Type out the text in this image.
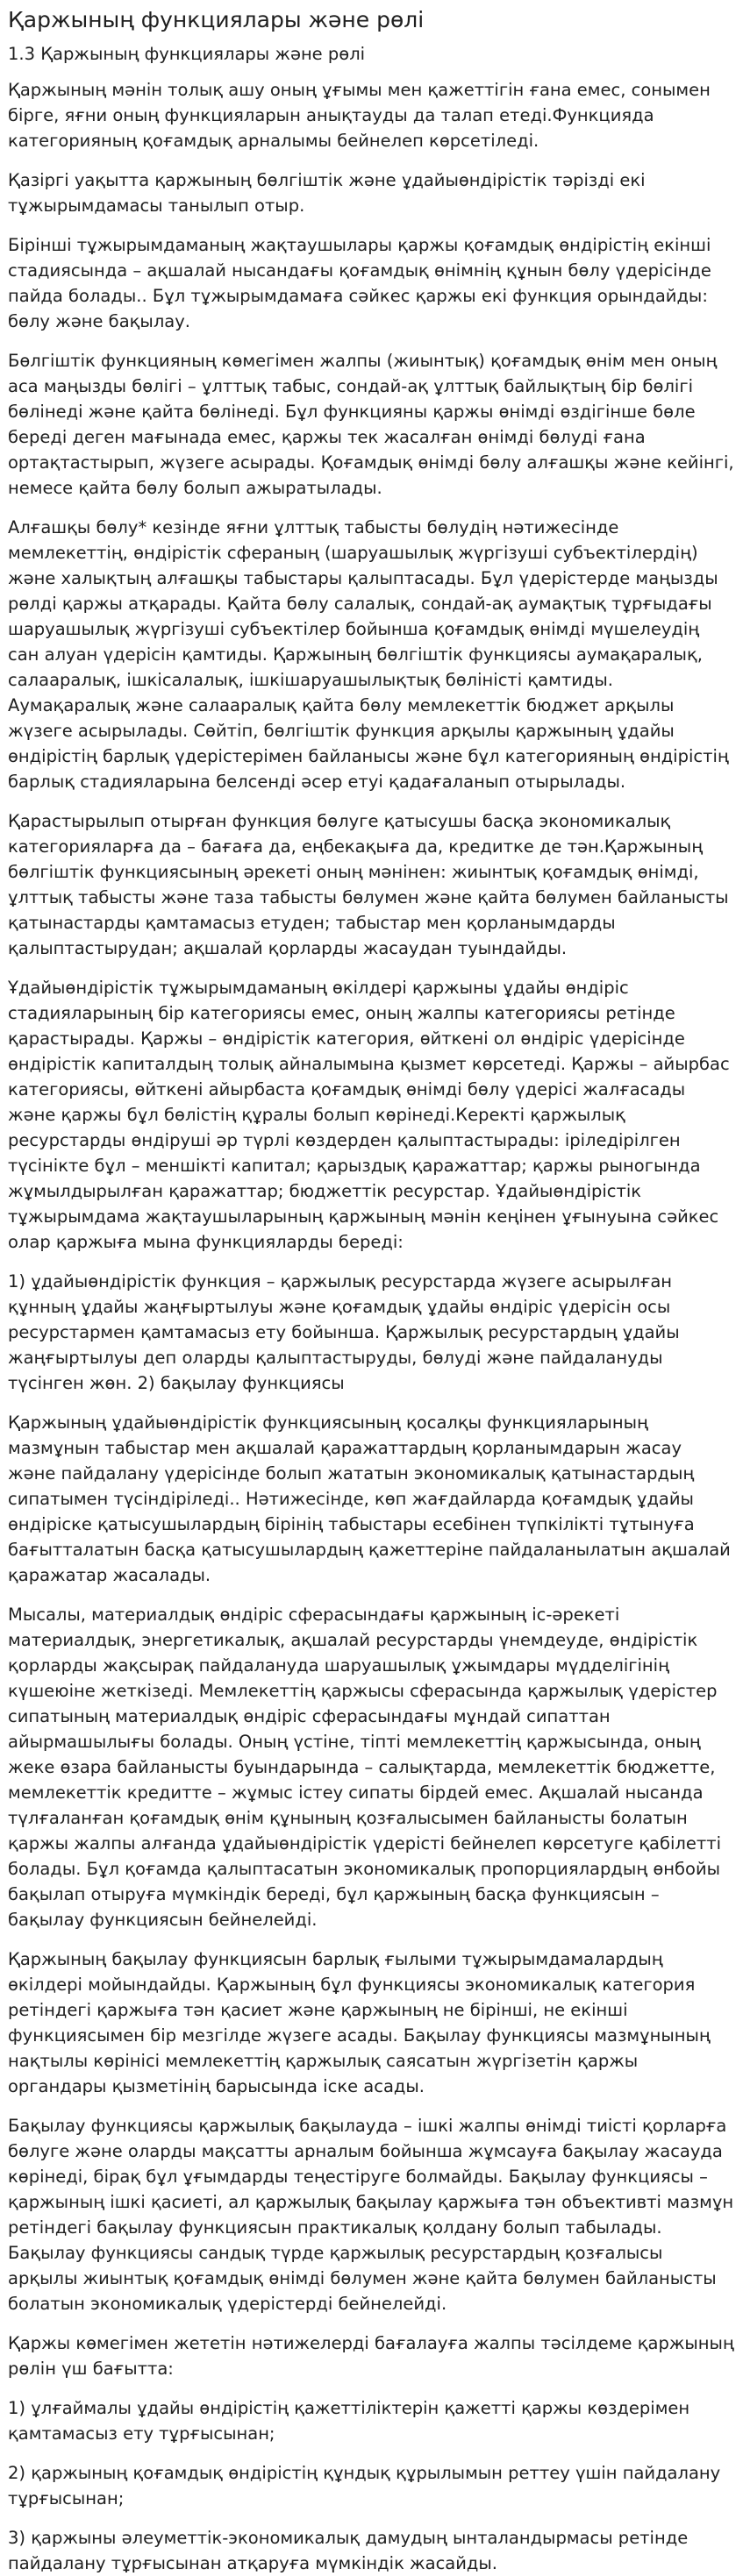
Қаржының функциялары және рөлі
1.3 Қаржының функциялары және рөлі

Қаржының мәнін толық ашу оның ұғымы мен қажеттігін ғана емес, сонымен бірге, яғни оның функцияларын анықтауды да талап етеді.Функцияда категорияның қоғамдық арналымы бейнелеп көрсетіледі.

Қазіргі уақытта қаржының бөлгіштік және ұдайыөндірістік тәрізді екі тұжырымдамасы танылып отыр.

Бірінші тұжырымдаманың жақтаушылары қаржы қоғамдық өндірістің екінші стадиясында – ақшалай нысандағы қоғамдық өнімнің құнын бөлу үдерісінде пайда болады.. Бұл тұжырымдамаға сәйкес қаржы екі функция орындайды: бөлу және бақылау.

Бөлгіштік функцияның көмегімен жалпы (жиынтық) қоғамдық өнім мен оның аса маңызды бөлігі – ұлттық табыс, сондай-ақ ұлттық байлықтың бір бөлігі бөлінеді және қайта бөлінеді. Бұл функцияны қаржы өнімді өздігінше бөле береді деген мағынада емес, қаржы тек жасалған өнімді бөлуді ғана ортақтастырып, жүзеге асырады. Қоғамдық өнімді бөлу алғашқы және кейінгі, немесе қайта бөлу болып ажыратылады.

Алғашқы бөлу* кезінде яғни ұлттық табысты бөлудің нәтижесінде мемлекеттің, өндірістік сфераның (шаруашылық жүргізуші субъектілердің) және халықтың алғашқы табыстары қалыптасады. Бұл үдерістерде маңызды рөлді қаржы атқарады. Қайта бөлу салалық, сондай-ақ аумақтық тұрғыдағы шаруашылық жүргізуші субъектілер бойынша қоғамдық өнімді мүшелеудің сан алуан үдерісін қамтиды. Қаржының бөлгіштік функциясы аумақаралық, салааралық, ішкісалалық, ішкішаруашылықтық бөліністі қамтиды. Аумақаралық және салааралық қайта бөлу мемлекеттік бюджет арқылы жүзеге асырылады. Сөйтіп, бөлгіштік функция арқылы қаржының ұдайы өндірістің барлық үдерістерімен байланысы және бұл категорияның өндірістің барлық стадияларына белсенді әсер етуі қадағаланып отырылады.

Қарастырылып отырған функция бөлуге қатысушы басқа экономикалық категорияларға да – бағаға да, еңбекақыға да, кредитке де тән.Қаржының бөлгіштік функциясының әрекеті оның мәнінен: жиынтық қоғамдық өнімді, ұлттық табысты және таза табысты бөлумен және қайта бөлумен байланысты қатынастарды қамтамасыз етуден; табыстар мен қорланымдарды қалыптастырудан; ақшалай қорларды жасаудан туындайды.

Ұдайыөндірістік тұжырымдаманың өкілдері қаржыны ұдайы өндіріс стадияларының бір категориясы емес, оның жалпы категориясы ретінде қарастырады. Қаржы – өндірістік категория, өйткені ол өндіріс үдерісінде өндірістік капиталдың толық айналымына қызмет көрсетеді. Қаржы – айырбас категориясы, өйткені айырбаста қоғамдық өнімді бөлу үдерісі жалғасады және қаржы бұл бөліcтің құралы болып көрінеді.Керекті қаржылық ресурстарды өндіруші әр түрлі көздерден қалыптастырады: іріледірілген түсінікте бұл – меншікті капитал; қарыздық қаражаттар; қаржы рыногында жұмылдырылған қаражаттар; бюджеттік ресурстар. Ұдайыөндірістік тұжырымдама жақтаушыларының қаржының мәнін кеңінен ұғынуына сәйкес олар қаржыға мына функцияларды береді:

1) ұдайыөндірістік функция – қаржылық ресурстарда жүзеге асырылған құнның ұдайы жаңғыртылуы және қоғамдық ұдайы өндіріс үдерісін осы ресурстармен қамтамасыз ету бойынша. Қаржылық ресурстардың ұдайы жаңғыртылуы деп оларды қалыптастыруды, бөлуді және пайдалануды түсінген жөн. 2) бақылау функциясы

Қаржының ұдайыөндірістік функциясының қосалқы функцияларының мазмұнын табыстар мен ақшалай қаражаттардың қорланымдарын жасау және пайдалану үдерісінде болып жататын экономикалық қатынастардың сипатымен түсіндіріледі.. Нәтижесінде, көп жағдайларда қоғамдық ұдайы өндіріске қатысушылардың бірінің табыстары есебінен түпкілікті тұтынуға бағытталатын басқа қатысушылардың қажеттеріне пайдаланылатын ақшалай қаражатар жасалады.

Мысалы, материалдық өндіріс сферасындағы қаржының іс-әрекеті материалдық, энергетикалық, ақшалай ресурстарды үнемдеуде, өндірістік қорларды жақсырақ пайдалануда шаруашылық ұжымдары мүдделігінің күшеюіне жеткізеді. Мемлекеттің қаржысы сферасында қаржылық үдерістер сипатының материалдық өндіріс сферасындағы мұндай сипаттан айырмашылығы болады. Оның үстіне, тіпті мемлекеттің қаржысында, оның жеке өзара байланысты буындарында – салықтарда, мемлекеттік бюджетте, мемлекеттік кредитте – жұмыс істеу сипаты бірдей емес. Ақшалай нысанда түлғаланған қоғамдық өнім құнының қозғалысымен байланысты болатын қаржы жалпы алғанда ұдайыөндірістік үдерісті бейнелеп көрсетуге қабілетті болады. Бұл қоғамда қалыптасатын экономикалық пропорциялардың өнбойы бақылап отыруға мүмкіндік береді, бұл қаржының басқа функциясын – бақылау функциясын бейнелейді.

Қаржының бақылау функциясын барлық ғылыми тұжырымдамалардың өкілдері мойындайды. Қаржының бұл функциясы экономикалық категория ретіндегі қаржыға тән қасиет және қаржының не бірінші, не екінші функциясымен бір мезгілде жүзеге асады. Бақылау функциясы мазмұнының нақтылы көрінісі мемлекеттің қаржылық саясатын жүргізетін қаржы органдары қызметінің барысында іске асады.

Бақылау функциясы қаржылық бақылауда – ішкі жалпы өнімді тиісті қорларға бөлуге және оларды мақсатты арналым бойынша жұмсауға бақылау жасауда көрінеді, бірақ бұл ұғымдарды теңестіруге болмайды. Бақылау функциясы – қаржының ішкі қасиеті, ал қаржылық бақылау қаржыға тән объективті мазмұн ретіндегі бақылау функциясын практикалық қолдану болып табылады. Бақылау функциясы сандық түрде қаржылық ресурстардың қозғалысы арқылы жиынтық қоғамдық өнімді бөлумен және қайта бөлумен байланысты болатын экономикалық үдерістерді бейнелейді.

Қаржы көмегімен жететін нәтижелерді бағалауға жалпы тәсілдеме қаржының рөлін үш бағытта:

1) ұлғаймалы ұдайы өндірістің қажеттіліктерін қажетті қаржы көздерімен қамтамасыз ету тұрғысынан;

2) қаржының қоғамдық өндірістің құндық құрылымын реттеу үшін пайдалану тұрғысынан;

3) қаржыны әлеуметтік-экономикалық дамудың ынталандырмасы ретінде пайдалану тұрғысынан атқаруға мүмкіндік жасайды.
